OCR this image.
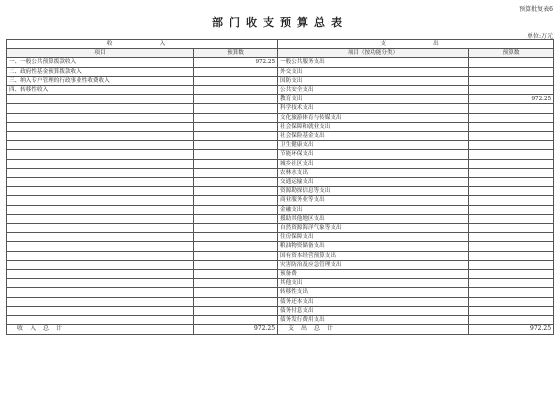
预算批复表6
部门收支预算总表
单位:万元
收　　入		支　　出	
项目	预算数	项目（按功能分类）	预算数
一、一般公共预算拨款收入	972.25	一般公共服务支出	
二、政府性基金预算拨款收入		外交支出	
三、纳入专户管理的行政事业性收费收入		国防支出	
四、转移性收入		公共安全支出	
		教育支出	972.25
		科学技术支出	
		文化旅游体育与传媒支出	
		社会保障和就业支出	
		社会保险基金支出	
		卫生健康支出	
		节能环保支出	
		城乡社区支出	
		农林水支出	
		交通运输支出	
		资源勘探信息等支出	
		商业服务业等支出	
		金融支出	
		援助其他地区支出	
		自然资源海洋气象等支出	
		住房保障支出	
		粮油物资储备支出	
		国有资本经营预算支出	
		灾害防治及应急管理支出	
		预备费	
		其他支出	
		转移性支出	
		债务还本支出	
		债务付息支出	
		债务发行费用支出	
收入总计	972.25	支出总计	972.25
